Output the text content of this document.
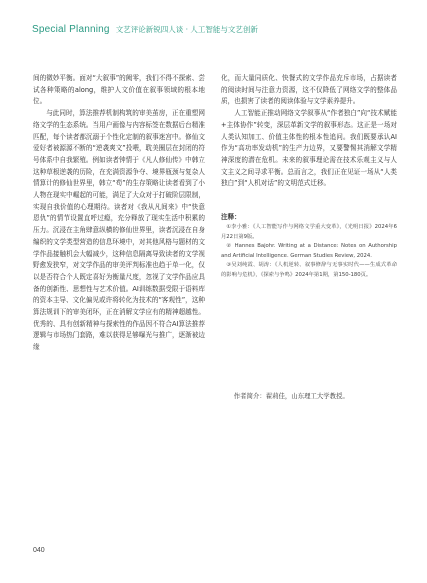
Special Planning 文艺评论新锐四人谈 · 人工智能与文艺创新

间的微妙平衡。面对“大叙事”的阙零，我们不得不探索、尝试各种策略的along，维护人文价值在叙事领域的根本地位。

与此同时，算法推荐机制构筑的审美茧房，正在重塑网络文学的生态系统。当用户画像与内容标签在数据后台精准匹配，每个读者都沉溺于个性化定制的叙事迷宫中。修仙文爱好者被源源不断的“逆袭爽文”投喂，耽美圈层在封闭的符号体系中自我繁殖。例如读者钟情于《凡人修仙传》中韩立这种草根逆袭的历险，在充满资源争夺、境界瓶颈与复杂人情算计的修仙世界里，韩立“苟”的生存策略让读者看到了小人物在现实中崛起的可能，满足了大众对于打破阶层限制，实现自我价值的心理期待。读者对《我从凡间来》中“快意恩仇”的情节设置直呼过瘾，充分释放了现实生活中积累的压力。沉浸在主角肆意纵横的修仙世界里，读者沉浸在自身编织的文学类型营造的信息环境中，对其他风格与题材的文学作品接触机会大幅减少，这种信息隔离导致读者的文学视野愈发狭窄，对文学作品的审美评判标准也趋于单一化，仅以是否符合个人既定喜好为衡量尺度，忽视了文学作品应具备的创新性、思想性与艺术价值。AI训练数据受限于语料库的资本主导、文化偏见或许将转化为技术的“客观性”，这种算法规训下的审美闭环，正在消解文学应有的精神超越性。优秀的、具有创新精神与探索性的作品因不符合AI算法推荐逻辑与市场热门套路，难以获得足够曝光与推广，逐渐被边缘

化，而大量同质化、快餐式的文学作品充斥市场，占据读者的阅读时间与注意力资源，这不仅降低了网络文学的整体品质，也损害了读者的阅读体验与文学素养提升。

人工智能正推动网络文学叙事从“作者独白”向“技术赋能+主体协作”转变，深层革新文学的叙事形态。这正是一场对人类认知加工、价值主体性的根本性追问。我们既要承认AI作为“高功率发动机”的生产力边界，又要警惕其消解文学精神深度的潜在危机。未来的叙事理论需在技术乐观主义与人文主义之间寻求平衡。总而言之，我们正在见证一场从“人类独白”到“人机对话”的文明范式迁移。

注释：
①李小雅：《人工智能写作与网络文学重大变革》，《光明日报》2024年6月22日第9版。
② Hannes Bajohr. Writing at a Distance: Notes on Authorship and Artificial Intelligence. German Studies Review, 2024.
③吴刘纯霞、胡涛：《人机逆转、叙事修辞与无事实时代——生成式革命的影响与危机》，《探索与争鸣》2024年第1期，第150-180页。
作者简介：翟莉佳，山东理工大学教授。
040
